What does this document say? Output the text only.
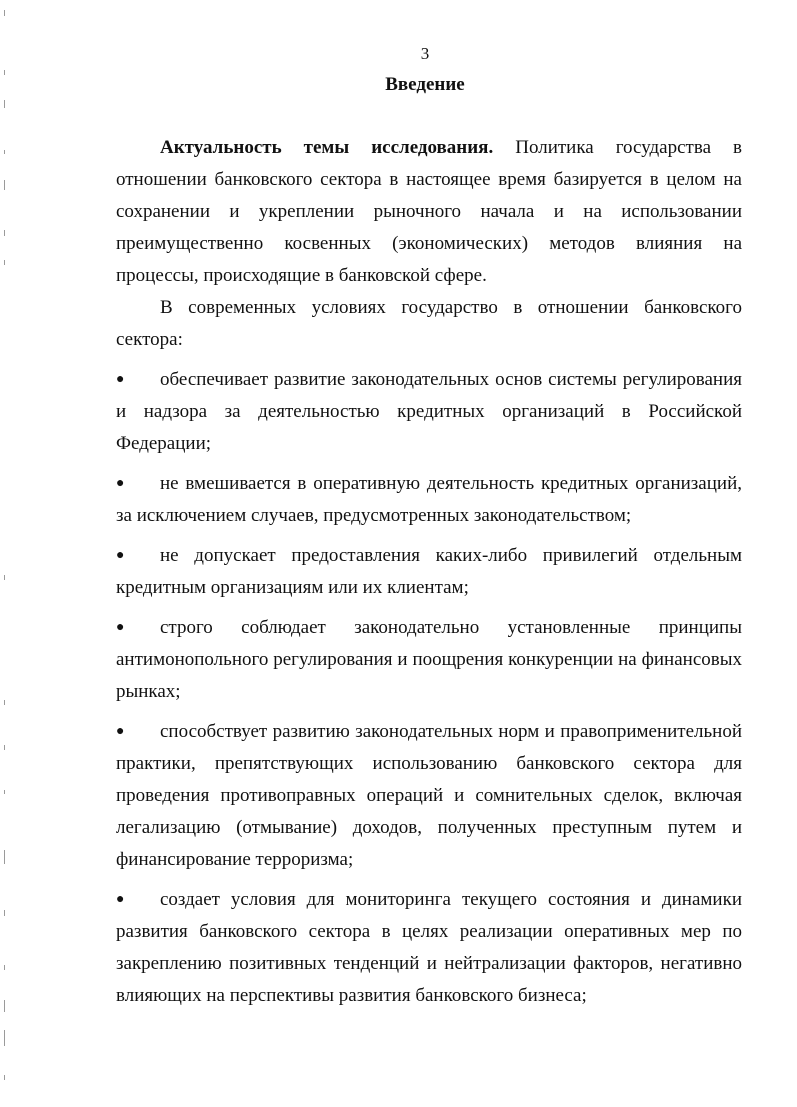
3
Введение

Актуальность темы исследования. Политика государства в отношении банковского сектора в настоящее время базируется в целом на сохранении и укреплении рыночного начала и на использовании преимущественно косвенных (экономических) методов влияния на процессы, происходящие в банковской сфере.

В современных условиях государство в отношении банковского сектора:

● обеспечивает развитие законодательных основ системы регулирования и надзора за деятельностью кредитных организаций в Российской Федерации;

● не вмешивается в оперативную деятельность кредитных организаций, за исключением случаев, предусмотренных законодательством;

● не допускает предоставления каких-либо привилегий отдельным кредитным организациям или их клиентам;

● строго соблюдает законодательно установленные принципы антимонопольного регулирования и поощрения конкуренции на финансовых рынках;

● способствует развитию законодательных норм и правоприменительной практики, препятствующих использованию банковского сектора для проведения противоправных операций и сомнительных сделок, включая легализацию (отмывание) доходов, полученных преступным путем и финансирование терроризма;

● создает условия для мониторинга текущего состояния и динамики развития банковского сектора в целях реализации оперативных мер по закреплению позитивных тенденций и нейтрализации факторов, негативно влияющих на перспективы развития банковского бизнеса;
